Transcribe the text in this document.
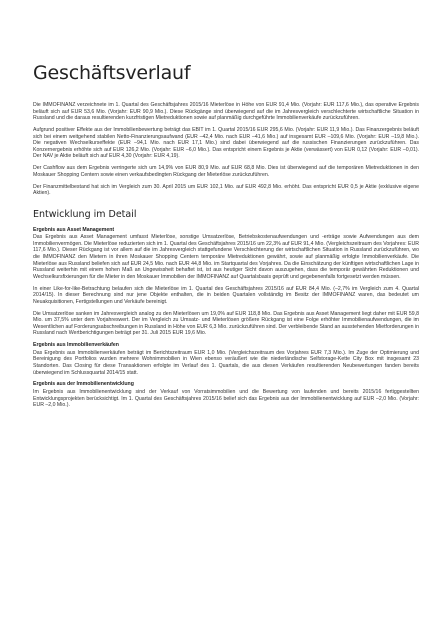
Geschäftsverlauf

Die IMMOFINANZ verzeichnete im 1. Quartal des Geschäftsjahres 2015/16 Mieterlöse in Höhe von EUR 91,4 Mio. (Vorjahr: EUR 117,6 Mio.), das operative Ergebnis beläuft sich auf EUR 53,6 Mio. (Vorjahr: EUR 90,9 Mio.). Diese Rückgänge sind überwiegend auf die im Jahresvergleich verschlechterte wirtschaftliche Situation in Russland und die daraus resultierenden kurzfristigen Mietreduktionen sowie auf planmäßig durchgeführte Immobilienverkäufe zurückzuführen.

Aufgrund positiver Effekte aus der Immobilienbewertung beträgt das EBIT im 1. Quartal 2015/16 EUR 295,6 Mio. (Vorjahr: EUR 11,9 Mio.). Das Finanzergebnis beläuft sich bei einem weitgehend stabilen Netto-Finanzierungsaufwand (EUR –42,4 Mio. nach EUR –41,6 Mio.) auf insgesamt EUR –109,6 Mio. (Vorjahr: EUR –19,8 Mio.). Die negativen Wechselkurseffekte (EUR –94,1 Mio. nach EUR 17,1 Mio.) sind dabei überwiegend auf die russischen Finanzierungen zurückzuführen. Das Konzernergebnis erhöhte sich auf EUR 126,2 Mio. (Vorjahr: EUR –6,0 Mio.). Das entspricht einem Ergebnis je Aktie (verwässert) von EUR 0,12 (Vorjahr: EUR –0,01). Der NAV je Aktie beläuft sich auf EUR 4,30 (Vorjahr: EUR 4,19).

Der Cashflow aus dem Ergebnis verringerte sich um 14,9% von EUR 80,9 Mio. auf EUR 68,8 Mio. Dies ist überwiegend auf die temporären Mietreduktionen in den Moskauer Shopping Centern sowie einen verkaufsbedingten Rückgang der Mieterlöse zurückzuführen.

Der Finanzmittelbestand hat sich im Vergleich zum 30. April 2015 um EUR 102,1 Mio. auf EUR 492,8 Mio. erhöht. Das entspricht EUR 0,5 je Aktie (exklusive eigene Aktien).

Entwicklung im Detail
Ergebnis aus Asset Management

Das Ergebnis aus Asset Management umfasst Mieterlöse, sonstige Umsatzerlöse, Betriebskostenaufwendungen und -erträge sowie Aufwendungen aus dem Immobilienvermögen. Die Mieterlöse reduzierten sich im 1. Quartal des Geschäftsjahres 2015/16 um 22,3% auf EUR 91,4 Mio. (Vergleichszeitraum des Vorjahres: EUR 117,6 Mio.). Dieser Rückgang ist vor allem auf die im Jahresvergleich stattgefundene Verschlechterung der wirtschaftlichen Situation in Russland zurückzuführen, wo die IMMOFINANZ den Mietern in ihren Moskauer Shopping Centern temporäre Mietreduktionen gewährt, sowie auf planmäßig erfolgte Immobilienverkäufe. Die Mieterlöse aus Russland beliefen sich auf EUR 24,5 Mio. nach EUR 44,8 Mio. im Startquartal des Vorjahres. Da die Einschätzung der künftigen wirtschaftlichen Lage in Russland weiterhin mit einem hohen Maß an Ungewissheit behaftet ist, ist aus heutiger Sicht davon auszugehen, dass die temporär gewährten Reduktionen und Wechselkursfixierungen für die Mieter in den Moskauer Immobilien der IMMOFINANZ auf Quartalsbasis geprüft und gegebenenfalls fortgesetzt werden müssen.

In einer Like-for-like-Betrachtung belaufen sich die Mieterlöse im 1. Quartal des Geschäftsjahres 2015/16 auf EUR 84,4 Mio. (–2,7% im Vergleich zum 4. Quartal 2014/15). In dieser Berechnung sind nur jene Objekte enthalten, die in beiden Quartalen vollständig im Besitz der IMMOFINANZ waren, das bedeutet um Neuakquisitionen, Fertigstellungen und Verkäufe bereinigt.

Die Umsatzerlöse sanken im Jahresvergleich analog zu den Mieterlösen um 19,0% auf EUR 118,8 Mio. Das Ergebnis aus Asset Management liegt daher mit EUR 59,8 Mio. um 37,5% unter dem Vorjahreswert. Der im Vergleich zu Umsatz- und Mieterlösen größere Rückgang ist eine Folge erhöhter Immobilienaufwendungen, die im Wesentlichen auf Forderungsabschreibungen in Russland in Höhe von EUR 6,3 Mio. zurückzuführen sind. Der verbleibende Stand an ausstehenden Mietforderungen in Russland nach Wertberichtigungen beträgt per 31. Juli 2015 EUR 19,6 Mio.

Ergebnis aus Immobilienverkäufen

Das Ergebnis aus Immobilienverkäufen beträgt im Berichtszeitraum EUR 1,0 Mio. (Vergleichszeitraum des Vorjahres EUR 7,3 Mio.). Im Zuge der Optimierung und Bereinigung des Portfolios wurden mehrere Wohnimmobilien in Wien ebenso veräußert wie die niederländische Selfstorage-Kette City Box mit insgesamt 23 Standorten. Das Closing für diese Transaktionen erfolgte im Verlauf des 1. Quartals, die aus diesen Verkäufen resultierenden Neubewertungen fanden bereits überwiegend im Schlussquartal 2014/15 statt.

Ergebnis aus der Immobilienentwicklung

Im Ergebnis aus Immobilienentwicklung sind der Verkauf von Vorratsimmobilien und die Bewertung von laufenden und bereits 2015/16 fertiggestellten Entwicklungsprojekten berücksichtigt. Im 1. Quartal des Geschäftsjahres 2015/16 belief sich das Ergebnis aus der Immobilienentwicklung auf EUR –2,0 Mio. (Vorjahr: EUR –2,0 Mio.).
